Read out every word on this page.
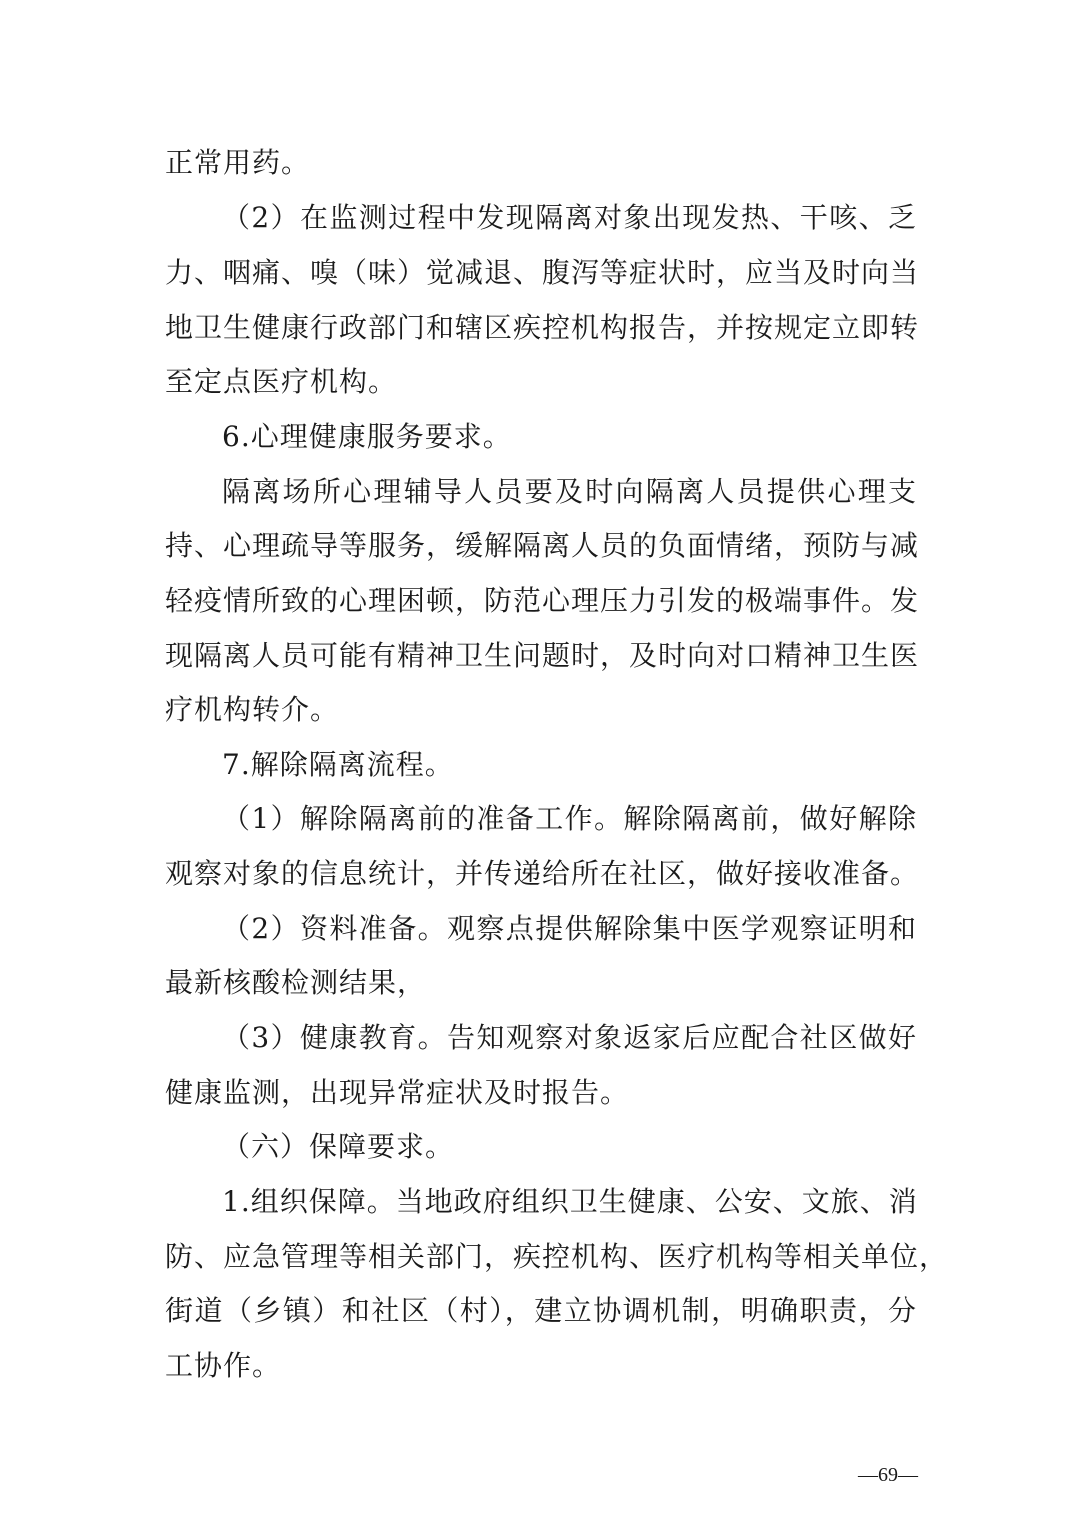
正常用药。
（2）在监测过程中发现隔离对象出现发热、干咳、乏
力、咽痛、嗅（味）觉减退、腹泻等症状时，应当及时向当
地卫生健康行政部门和辖区疾控机构报告，并按规定立即转
至定点医疗机构。
6.心理健康服务要求。
隔离场所心理辅导人员要及时向隔离人员提供心理支
持、心理疏导等服务，缓解隔离人员的负面情绪，预防与减
轻疫情所致的心理困顿，防范心理压力引发的极端事件。发
现隔离人员可能有精神卫生问题时，及时向对口精神卫生医
疗机构转介。
7.解除隔离流程。
（1）解除隔离前的准备工作。解除隔离前，做好解除
观察对象的信息统计，并传递给所在社区，做好接收准备。
（2）资料准备。观察点提供解除集中医学观察证明和
最新核酸检测结果，
（3）健康教育。告知观察对象返家后应配合社区做好
健康监测，出现异常症状及时报告。
（六）保障要求。
1.组织保障。当地政府组织卫生健康、公安、文旅、消
防、应急管理等相关部门，疾控机构、医疗机构等相关单位，
街道（乡镇）和社区（村），建立协调机制，明确职责，分
工协作。
—69—
